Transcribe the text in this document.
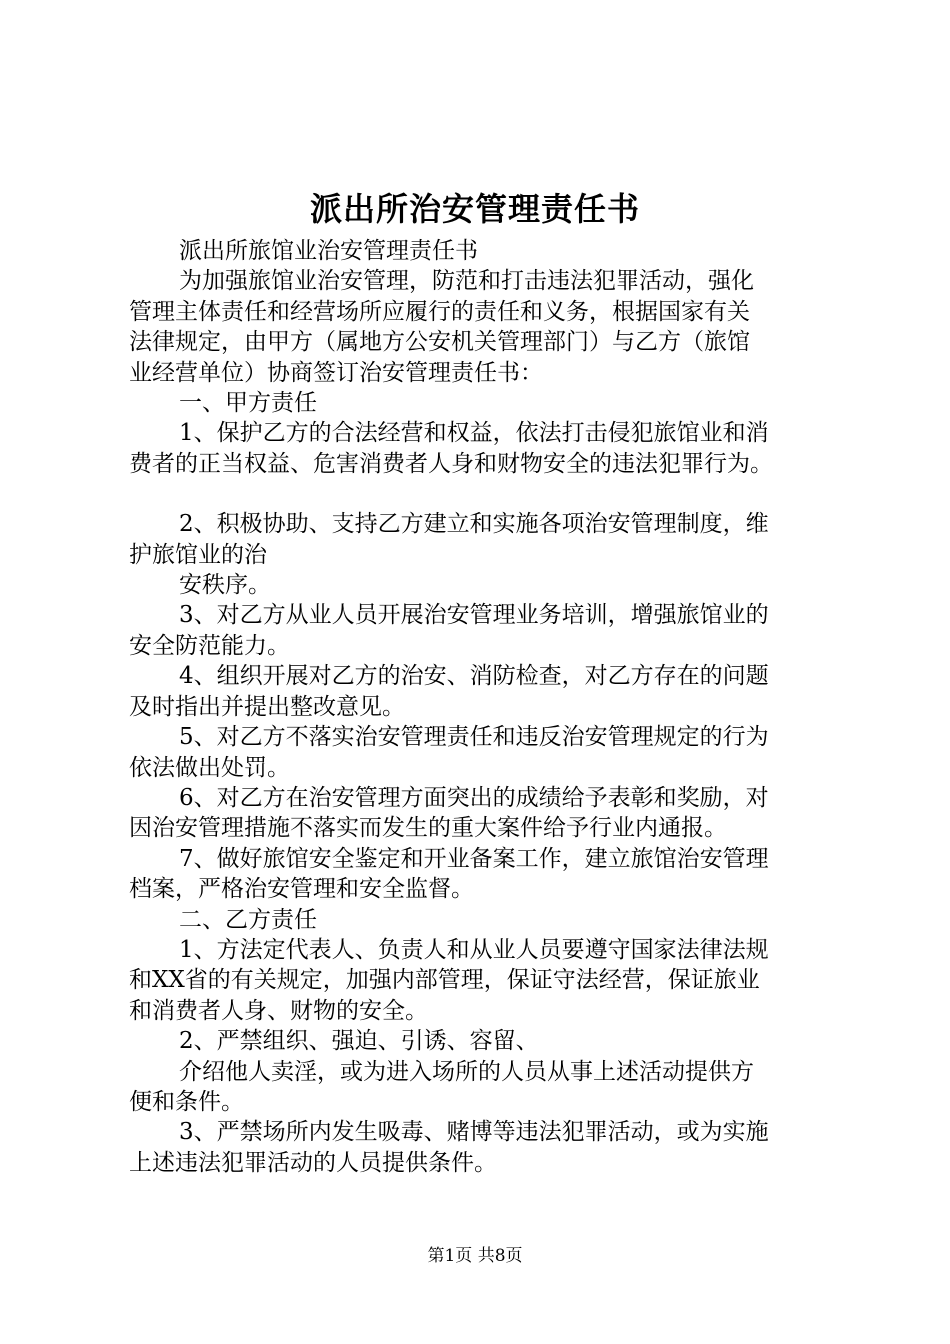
派出所治安管理责任书

派出所旅馆业治安管理责任书

为加强旅馆业治安管理，防范和打击违法犯罪活动，强化

管理主体责任和经营场所应履行的责任和义务，根据国家有关

法律规定，由甲方（属地方公安机关管理部门）与乙方（旅馆

业经营单位）协商签订治安管理责任书：

一、甲方责任

1、保护乙方的合法经营和权益，依法打击侵犯旅馆业和消

费者的正当权益、危害消费者人身和财物安全的违法犯罪行为。

2、积极协助、支持乙方建立和实施各项治安管理制度，维

护旅馆业的治

安秩序。

3、对乙方从业人员开展治安管理业务培训，增强旅馆业的

安全防范能力。

4、组织开展对乙方的治安、消防检查，对乙方存在的问题

及时指出并提出整改意见。

5、对乙方不落实治安管理责任和违反治安管理规定的行为

依法做出处罚。

6、对乙方在治安管理方面突出的成绩给予表彰和奖励，对

因治安管理措施不落实而发生的重大案件给予行业内通报。

7、做好旅馆安全鉴定和开业备案工作，建立旅馆治安管理

档案，严格治安管理和安全监督。

二、乙方责任

1、方法定代表人、负责人和从业人员要遵守国家法律法规

和XX省的有关规定，加强内部管理，保证守法经营，保证旅业

和消费者人身、财物的安全。

2、严禁组织、强迫、引诱、容留、

介绍他人卖淫，或为进入场所的人员从事上述活动提供方

便和条件。

3、严禁场所内发生吸毒、赌博等违法犯罪活动，或为实施

上述违法犯罪活动的人员提供条件。

第1页 共8页
